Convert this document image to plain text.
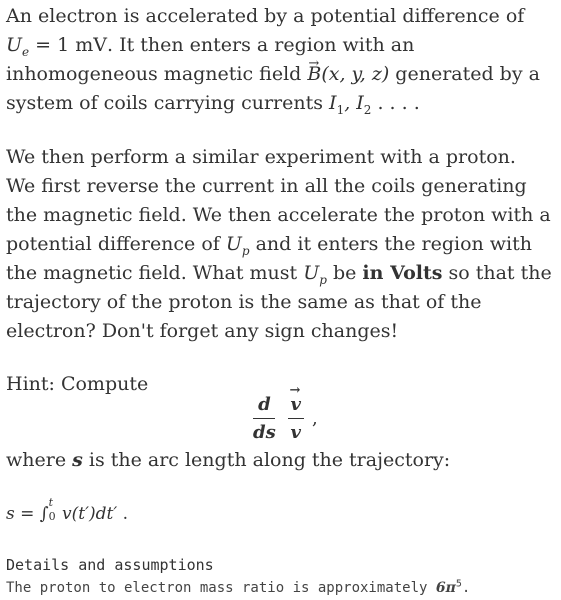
An electron is accelerated by a potential difference of
$U_e = 1$ mV. It then enters a region with an
inhomogeneous magnetic field → B(x, y, z) generated by a
system of coils carrying currents $I_1$, $I_2$ . . . .
We then perform a similar experiment with a proton.
We first reverse the current in all the coils generating
the magnetic field. We then accelerate the proton with a
potential difference of $U_p$ and it enters the region with
the magnetic field. What must $U_p$ be in Volts so that the
trajectory of the proton is the same as that of the
electron? Don't forget any sign changes!
Hint: Compute
d
ds
→ v
v
,
where s is the arc length along the trajectory:
s = ∫
t
0 v(t′)dt′ .
Details and assumptions
The proton to electron mass ratio is approximately $6\pi^5$.
